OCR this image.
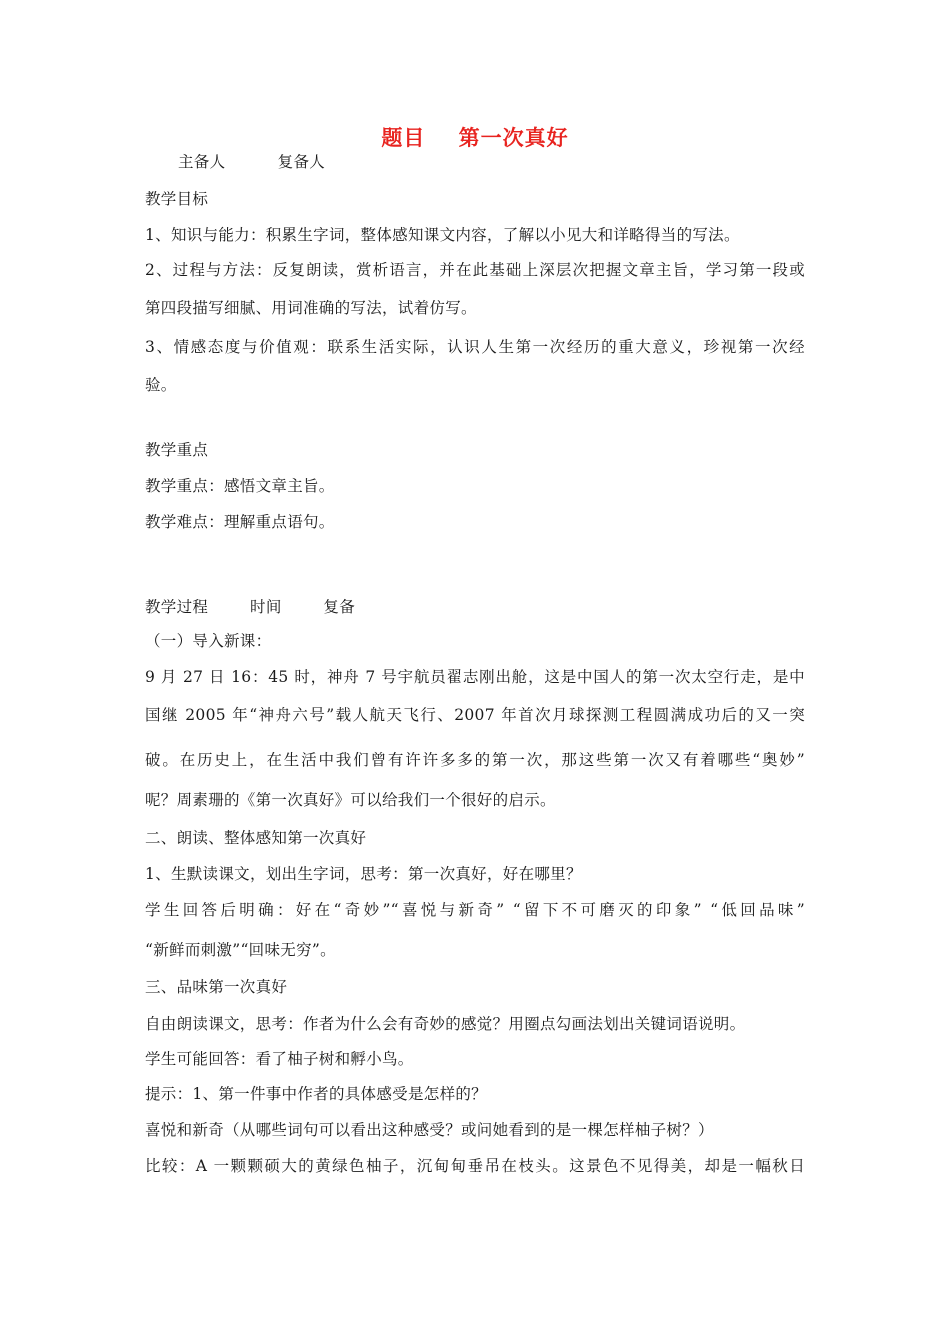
题目    第一次真好
主备人          复备人
教学目标
1、知识与能力：积累生字词，整体感知课文内容，了解以小见大和详略得当的写法。
2、过程与方法：反复朗读，赏析语言，并在此基础上深层次把握文章主旨，学习第一段或
第四段描写细腻、用词准确的写法，试着仿写。
3、情感态度与价值观：联系生活实际，认识人生第一次经历的重大意义，珍视第一次经
验。
教学重点
教学重点：感悟文章主旨。
教学难点：理解重点语句。
教学过程        时间        复备
（一）导入新课：
9 月 27 日 16：45 时，神舟 7 号宇航员翟志刚出舱，这是中国人的第一次太空行走，是中
国继 2005 年“神舟六号”载人航天飞行、2007 年首次月球探测工程圆满成功后的又一突
破。在历史上，在生活中我们曾有许许多多的第一次，那这些第一次又有着哪些“奥妙”
呢？周素珊的《第一次真好》可以给我们一个很好的启示。
二、朗读、整体感知第一次真好
1、生默读课文，划出生字词，思考：第一次真好，好在哪里？
学生回答后明确：好在“奇妙”“喜悦与新奇” “留下不可磨灭的印象” “低回品味”
“新鲜而刺激”“回味无穷”。
三、品味第一次真好
自由朗读课文，思考：作者为什么会有奇妙的感觉？用圈点勾画法划出关键词语说明。
学生可能回答：看了柚子树和孵小鸟。
提示：1、第一件事中作者的具体感受是怎样的？
喜悦和新奇（从哪些词句可以看出这种感受？或问她看到的是一棵怎样柚子树？）
比较：A 一颗颗硕大的黄绿色柚子，沉甸甸垂吊在枝头。这景色不见得美，却是一幅秋日
